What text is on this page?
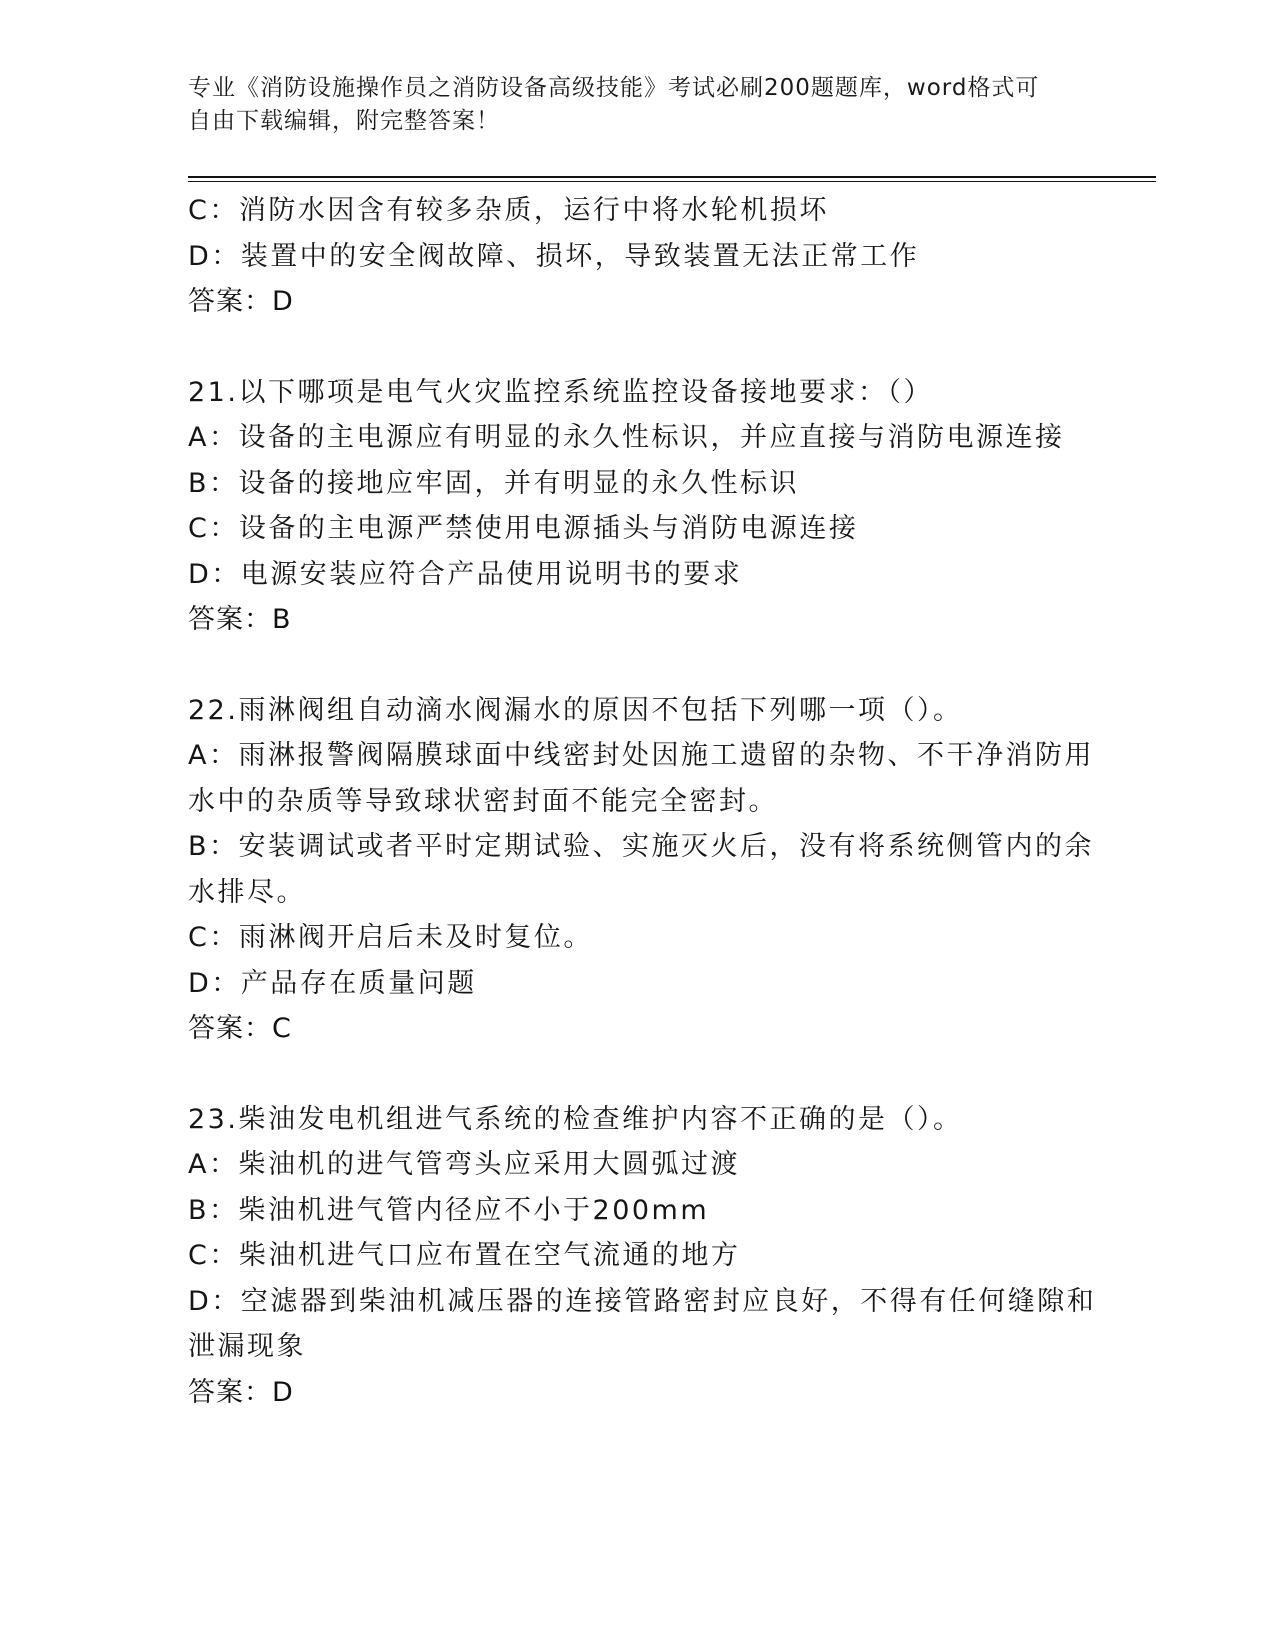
专业《消防设施操作员之消防设备高级技能》考试必刷200题题库，word格式可
自由下载编辑，附完整答案！
C：消防水因含有较多杂质，运行中将水轮机损坏
D：装置中的安全阀故障、损坏，导致装置无法正常工作
答案：D
21.以下哪项是电气火灾监控系统监控设备接地要求：（）
A：设备的主电源应有明显的永久性标识，并应直接与消防电源连接
B：设备的接地应牢固，并有明显的永久性标识
C：设备的主电源严禁使用电源插头与消防电源连接
D：电源安装应符合产品使用说明书的要求
答案：B
22.雨淋阀组自动滴水阀漏水的原因不包括下列哪一项（）。
A：雨淋报警阀隔膜球面中线密封处因施工遗留的杂物、不干净消防用
水中的杂质等导致球状密封面不能完全密封。
B：安装调试或者平时定期试验、实施灭火后，没有将系统侧管内的余
水排尽。
C：雨淋阀开启后未及时复位。
D：产品存在质量问题
答案：C
23.柴油发电机组进气系统的检查维护内容不正确的是（）。
A：柴油机的进气管弯头应采用大圆弧过渡
B：柴油机进气管内径应不小于200mm
C：柴油机进气口应布置在空气流通的地方
D：空滤器到柴油机减压器的连接管路密封应良好，不得有任何缝隙和
泄漏现象
答案：D
